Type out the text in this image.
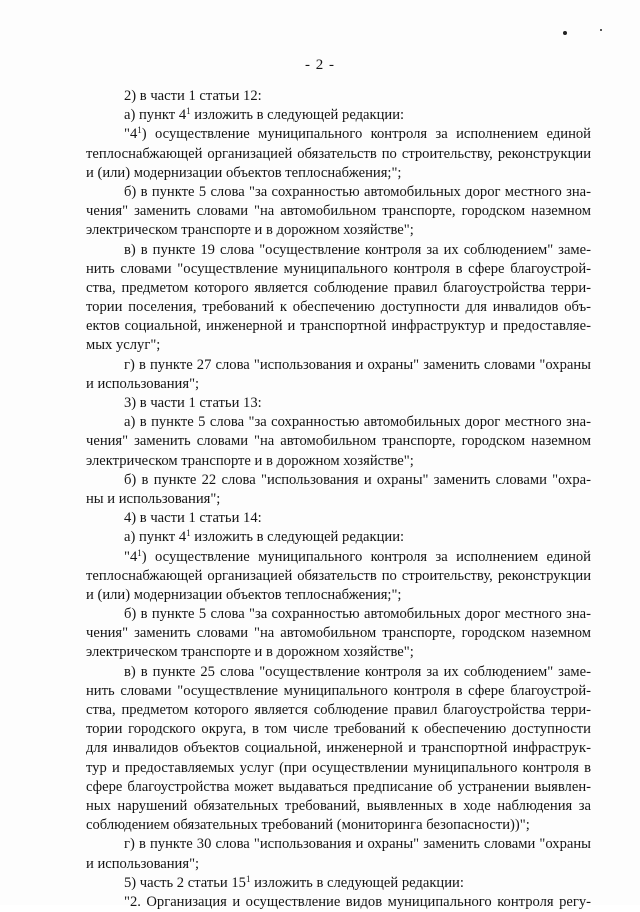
- 2 -
2) в части 1 статьи 12:
а) пункт $4^1$ изложить в следующей редакции:
"$4^1$) осуществление муниципального контроля за исполнением единой
теплоснабжающей организацией обязательств по строительству, реконструкции
и (или) модернизации объектов теплоснабжения;";
б) в пункте 5 слова "за сохранностью автомобильных дорог местного зна-
чения" заменить словами "на автомобильном транспорте, городском наземном
электрическом транспорте и в дорожном хозяйстве";
в) в пункте 19 слова "осуществление контроля за их соблюдением" заме-
нить словами "осуществление муниципального контроля в сфере благоустрой-
ства, предметом которого является соблюдение правил благоустройства терри-
тории поселения, требований к обеспечению доступности для инвалидов объ-
ектов социальной, инженерной и транспортной инфраструктур и предоставляе-
мых услуг";
г) в пункте 27 слова "использования и охраны" заменить словами "охраны
и использования";
3) в части 1 статьи 13:
а) в пункте 5 слова "за сохранностью автомобильных дорог местного зна-
чения" заменить словами "на автомобильном транспорте, городском наземном
электрическом транспорте и в дорожном хозяйстве";
б) в пункте 22 слова "использования и охраны" заменить словами "охра-
ны и использования";
4) в части 1 статьи 14:
а) пункт $4^1$ изложить в следующей редакции:
"$4^1$) осуществление муниципального контроля за исполнением единой
теплоснабжающей организацией обязательств по строительству, реконструкции
и (или) модернизации объектов теплоснабжения;";
б) в пункте 5 слова "за сохранностью автомобильных дорог местного зна-
чения" заменить словами "на автомобильном транспорте, городском наземном
электрическом транспорте и в дорожном хозяйстве";
в) в пункте 25 слова "осуществление контроля за их соблюдением" заме-
нить словами "осуществление муниципального контроля в сфере благоустрой-
ства, предметом которого является соблюдение правил благоустройства терри-
тории городского округа, в том числе требований к обеспечению доступности
для инвалидов объектов социальной, инженерной и транспортной инфраструк-
тур и предоставляемых услуг (при осуществлении муниципального контроля в
сфере благоустройства может выдаваться предписание об устранении выявлен-
ных нарушений обязательных требований, выявленных в ходе наблюдения за
соблюдением обязательных требований (мониторинга безопасности))";
г) в пункте 30 слова "использования и охраны" заменить словами "охраны
и использования";
5) часть 2 статьи $15^1$ изложить в следующей редакции:
"2. Организация и осуществление видов муниципального контроля регу-
